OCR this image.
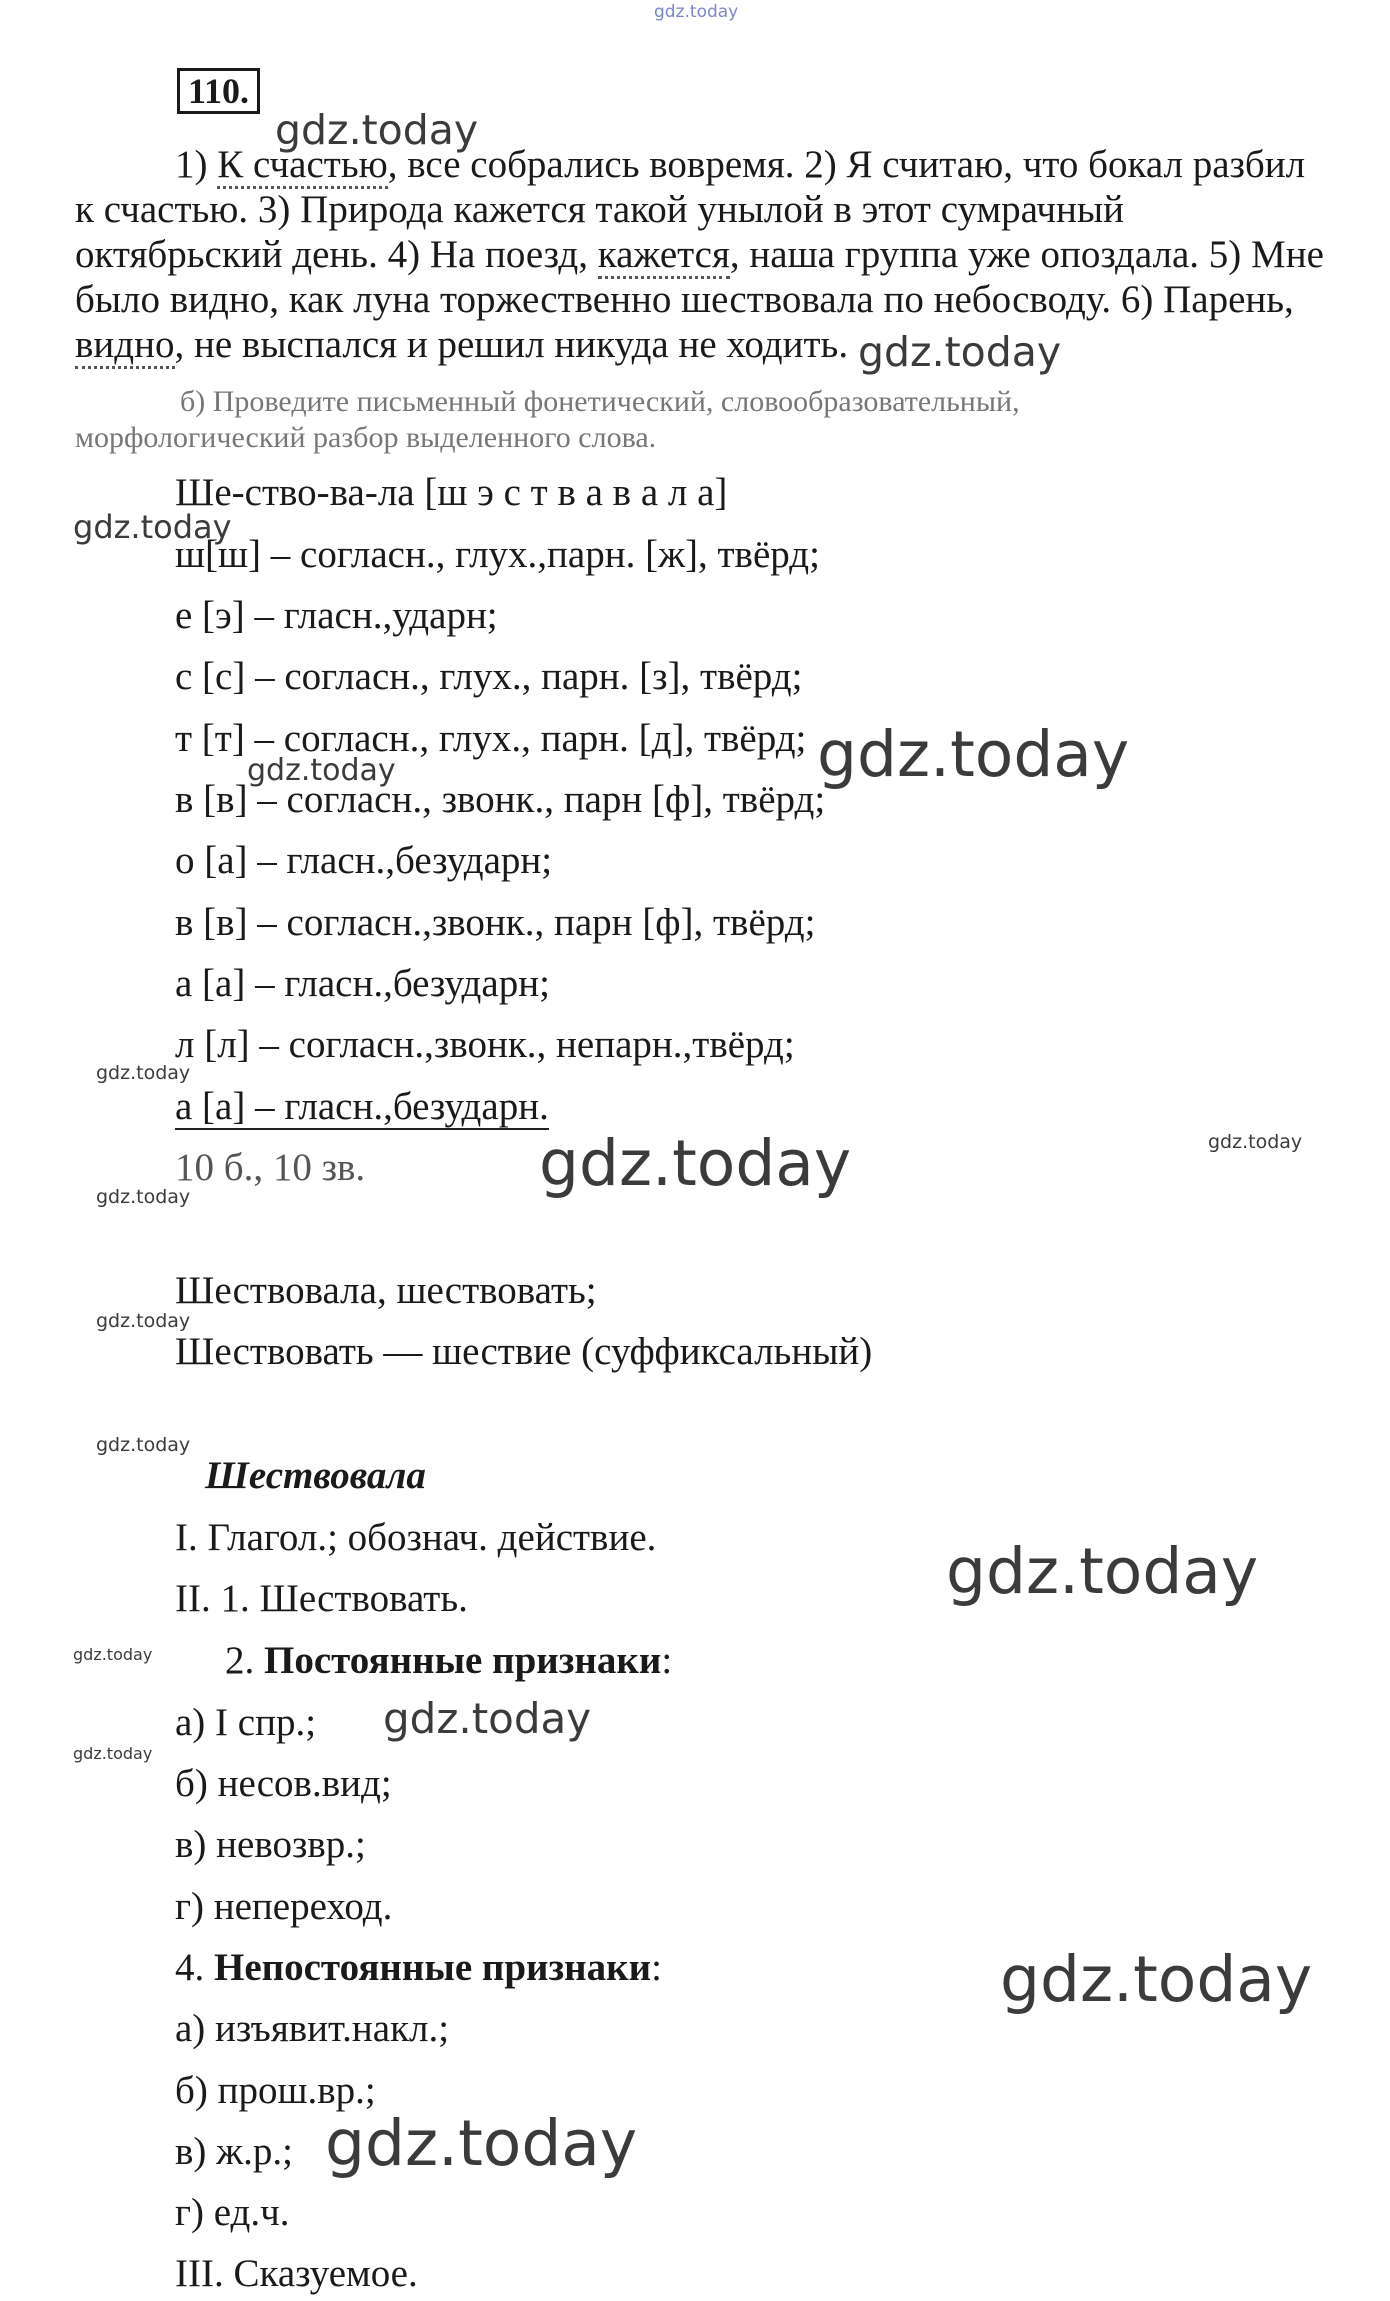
gdz.today
gdz.today
gdz.today
gdz.today
gdz.today
gdz.today
gdz.today
gdz.today	gdz.today
gdz.today
gdz.today
gdz.today
gdz.today
gdz.today
gdz.today
gdz.today
gdz.today
gdz.today
110.
1) К счастью, все собрались вовремя. 2) Я считаю, что бокал разбил
к счастью. 3) Природа кажется такой унылой в этот сумрачный
октябрьский день. 4) На поезд, кажется, наша группа уже опоздала. 5) Мне
было видно, как луна торжественно шествовала по небосводу. 6) Парень,
видно, не выспался и решил никуда не ходить.
б) Проведите письменный фонетический, словообразовательный,
морфологический разбор выделенного слова.
Ше-ство-ва-ла [ш э с т в а в а л а]
ш[ш] – согласн., глух.,парн. [ж], твёрд;
е [э] – гласн.,ударн;
с [с] – согласн., глух., парн. [з], твёрд;
т [т] – согласн., глух., парн. [д], твёрд;
в [в] – согласн., звонк., парн [ф], твёрд;
о [а] – гласн.,безударн;
в [в] – согласн.,звонк., парн [ф], твёрд;
а [а] – гласн.,безударн;
л [л] – согласн.,звонк., непарн.,твёрд;
а [а] – гласн.,безударн.
10 б., 10 зв.
Шествовала, шествовать;
Шествовать — шествие (суффиксальный)
Шествовала
I. Глагол.; обознач. действие.
II. 1. Шествовать.
2. Постоянные признаки:
а) I спр.;
б) несов.вид;
в) невозвр.;
г) непереход.
4. Непостоянные признаки:
а) изъявит.накл.;
б) прош.вр.;
в) ж.р.;
г) ед.ч.
III. Сказуемое.
